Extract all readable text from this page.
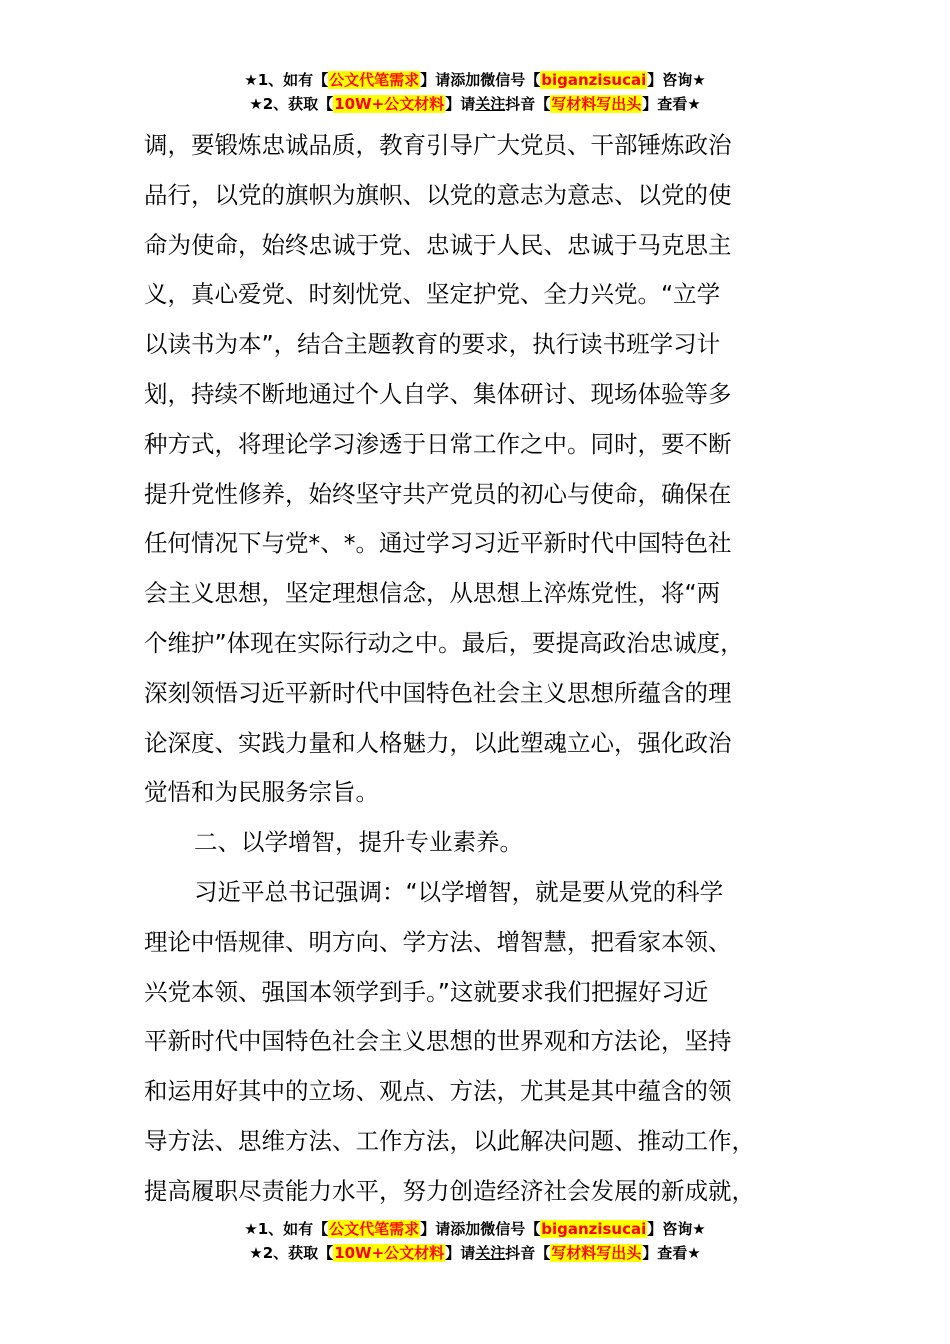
★1、如有【公文代笔需求】请添加微信号【biganzisucai】咨询★
★2、获取【10W+公文材料】请关注抖音【写材料写出头】查看★
调，要锻炼忠诚品质，教育引导广大党员、干部锤炼政治
品行，以党的旗帜为旗帜、以党的意志为意志、以党的使
命为使命，始终忠诚于党、忠诚于人民、忠诚于马克思主
义，真心爱党、时刻忧党、坚定护党、全力兴党。“立学
以读书为本”，结合主题教育的要求，执行读书班学习计
划，持续不断地通过个人自学、集体研讨、现场体验等多
种方式，将理论学习渗透于日常工作之中。同时，要不断
提升党性修养，始终坚守共产党员的初心与使命，确保在
任何情况下与党*、*。通过学习习近平新时代中国特色社
会主义思想，坚定理想信念，从思想上淬炼党性，将“两
个维护”体现在实际行动之中。最后，要提高政治忠诚度，
深刻领悟习近平新时代中国特色社会主义思想所蕴含的理
论深度、实践力量和人格魅力，以此塑魂立心，强化政治
觉悟和为民服务宗旨。
二、以学增智，提升专业素养。
习近平总书记强调：“以学增智，就是要从党的科学
理论中悟规律、明方向、学方法、增智慧，把看家本领、
兴党本领、强国本领学到手。”这就要求我们把握好习近
平新时代中国特色社会主义思想的世界观和方法论，坚持
和运用好其中的立场、观点、方法，尤其是其中蕴含的领
导方法、思维方法、工作方法，以此解决问题、推动工作，
提高履职尽责能力水平，努力创造经济社会发展的新成就，
★1、如有【公文代笔需求】请添加微信号【biganzisucai】咨询★
★2、获取【10W+公文材料】请关注抖音【写材料写出头】查看★
